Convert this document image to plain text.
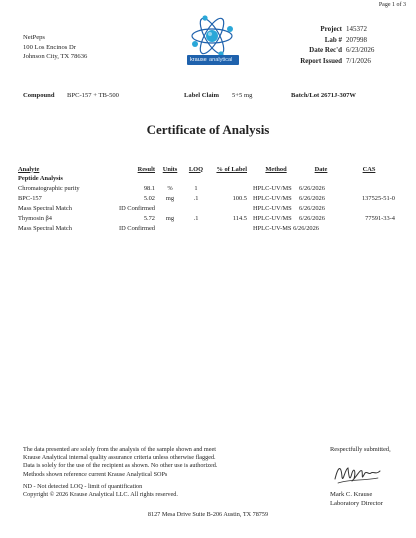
Page 1 of 3
NetPeps
100 Los Encinos Dr
Johnson City, TX 78636	krause analytical
Project 145372
Lab # 207998
Date Rec'd 6/23/2026
Report Issued 7/1/2026
Compound BPC-157 + TB-500	Label Claim 5+5 mg	Batch/Lot 2671J-307W
Certificate of Analysis
Analyte	Result	Units	LOQ	% of Label	Method	Date	CAS
Peptide Analysis							
Chromatographic purity	98.1	%	1		HPLC-UV/MS	6/26/2026	
BPC-157	5.02	mg	.1	100.5	HPLC-UV/MS	6/26/2026	137525-51-0
Mass Spectral Match	ID Confirmed				HPLC-UV/MS	6/26/2026	
Thymosin β4	5.72	mg	.1	114.5	HPLC-UV/MS	6/26/2026	77591-33-4
Mass Spectral Match	ID Confirmed				HPLC-UV-MS 6/26/2026		
The data presented are solely from the analysis of the sample shown and meet
Krause Analytical internal quality assurance criteria unless otherwise flagged.
Data is solely for the use of the recipient as shown. No other use is authorized.
Methods shown reference current Krause Analytical SOPs
ND - Not detected LOQ - limit of quantification
Copyright © 2026 Krause Analytical LLC. All rights reserved.
Respectfully submitted,
Mark C. Krause
Laboratory Director
8127 Mesa Drive Suite B-206 Austin, TX 78759
